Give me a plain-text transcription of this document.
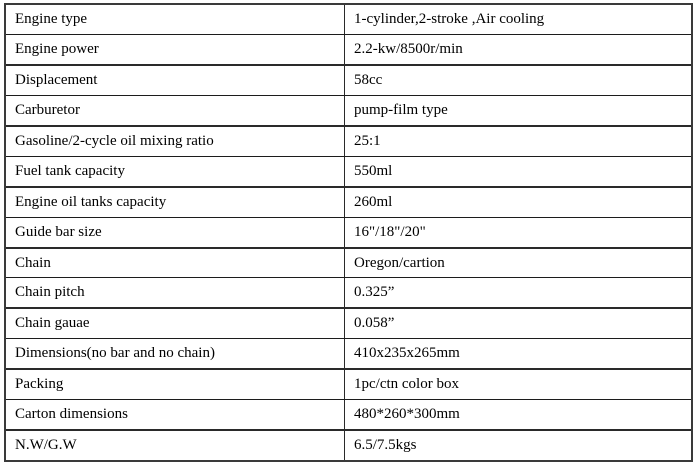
Engine type	1-cylinder,2-stroke ,Air cooling
Engine power	2.2-kw/8500r/min
Displacement	58cc
Carburetor	pump-film type
Gasoline/2-cycle oil mixing ratio	25:1
Fuel tank capacity	550ml
Engine oil tanks capacity	260ml
Guide bar size	16"/18"/20"
Chain	Oregon/cartion
Chain pitch	0.325”
Chain gauae	0.058”
Dimensions(no bar and no chain)	410x235x265mm
Packing	1pc/ctn color box
Carton dimensions	480*260*300mm
N.W/G.W	6.5/7.5kgs
